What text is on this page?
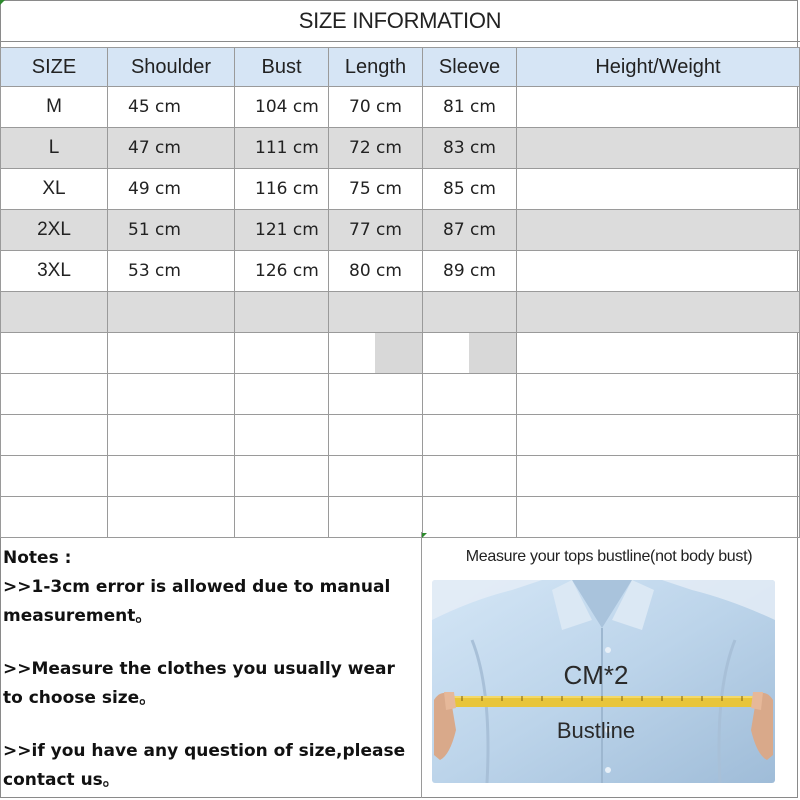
SIZE INFORMATION
SIZE	Shoulder	Bust	Length	Sleeve	Height/Weight
M	45 cm	104 cm	70 cm	81 cm	
L	47 cm	111 cm	72 cm	83 cm	
XL	49 cm	116 cm	75 cm	85 cm	
2XL	51 cm	121 cm	77 cm	87 cm	
3XL	53 cm	126 cm	80 cm	89 cm	

Notes :

>>1-3cm error is allowed due to manual measurement。

>>Measure the clothes you usually wear to choose size。

>>if you have any question of size,please contact us。

Measure your tops bustline(not body bust)
CM*2
Bustline
